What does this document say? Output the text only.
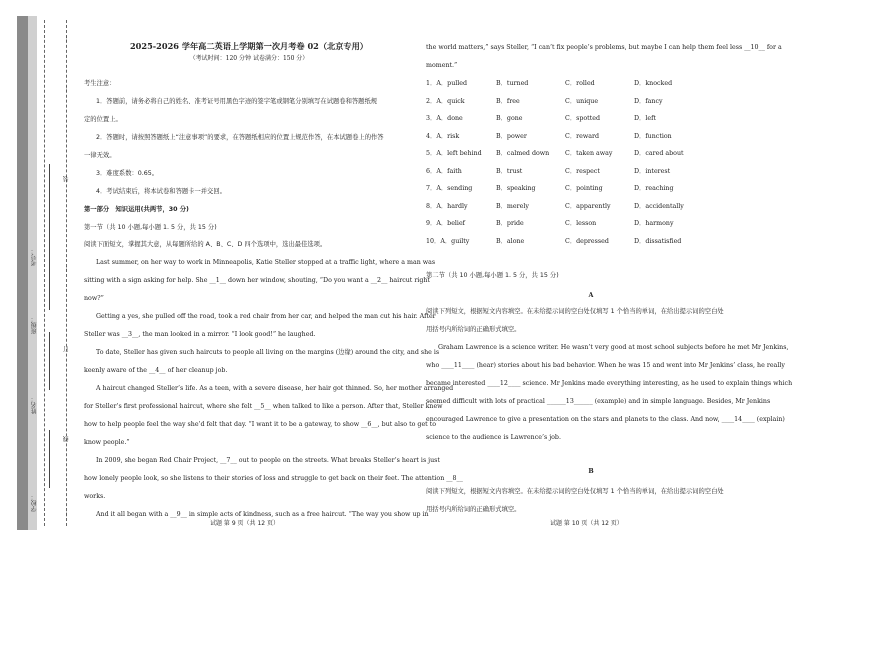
…
…
装
…
订
线
…
学校：
姓名：
班级：
考号：
2025-2026 学年高二英语上学期第一次月考卷 02（北京专用）
（考试时间：120 分钟 试卷满分：150 分）
考生注意：
1．答题前，请务必将自己的姓名、准考证号用黑色字迹的签字笔或钢笔分别填写在试题卷和答题纸规
定的位置上。
2．答题时，请按照答题纸上“注意事项”的要求，在答题纸相应的位置上规范作答，在本试题卷上的作答
一律无效。
3．难度系数：0.65。
4．考试结束后，将本试卷和答题卡一并交回。
第一部分　知识运用(共两节，30 分)
第一节（共 10 小题,每小题 1. 5 分，共 15 分)
阅读下面短文，掌握其大意，从每题所给的 A、B、C、D 四个选项中，选出最佳选项。
Last summer, on her way to work in Minneapolis, Katie Steller stopped at a traffic light, where a man was
sitting with a sign asking for help. She __1__ down her window, shouting, “Do you want a __2__ haircut right
now?”
Getting a yes, she pulled off the road, took a red chair from her car, and helped the man cut his hair. After
Steller was __3__, the man looked in a mirror. “I look good!” he laughed.
To date, Steller has given such haircuts to people all living on the margins (边缘) around the city, and she is
keenly aware of the __4__ of her cleanup job.
A haircut changed Steller’s life. As a teen, with a severe disease, her hair got thinned. So, her mother arranged
for Steller’s first professional haircut, where she felt __5__ when talked to like a person. After that, Steller knew
how to help people feel the way she’d felt that day. “I want it to be a gateway, to show __6__, but also to get to
know people.”
In 2009, she began Red Chair Project, __7__ out to people on the streets. What breaks Steller’s heart is just
how lonely people look, so she listens to their stories of loss and struggle to get back on their feet. The attention __8__
works.
And it all began with a __9__ in simple acts of kindness, such as a free haircut. “The way you show up in
试题 第 9 页（共 12 页）
the world matters,” says Steller, “I can’t fix people’s problems, but maybe I can help them feel less __10__ for a
moment.”
1．A．pulled	B．turned	C．rolled	D．knocked
2．A．quick	B．free	C．unique	D．fancy
3．A．done	B．gone	C．spotted	D．left
4．A．risk	B．power	C．reward	D．function
5．A．left behind B．calmed down	C．taken away	D．cared about
6．A．faith	B．trust	C．respect	D．interest
7．A．sending	B．speaking	C．pointing	D．reaching
8．A．hardly	B．merely	C．apparently	D．accidentally
9．A．belief	B．pride	C．lesson	D．harmony
10．A．guilty	B．alone	C．depressed	D．dissatisfied
第二节（共 10 小题,每小题 1. 5 分，共 15 分)
A
阅读下列短文，根据短文内容填空。在未给提示词的空白处仅填写 1 个恰当的单词，在给出提示词的空白处
用括号内所给词的正确形式填空。
Graham Lawrence is a science writer. He wasn’t very good at most school subjects before he met Mr Jenkins,
who ____11____ (hear) stories about his bad behavior. When he was 15 and went into Mr Jenkins’ class, he really
became interested ____12____ science. Mr Jenkins made everything interesting, as he used to explain things which
seemed difficult with lots of practical ______13______ (example) and in simple language. Besides, Mr Jenkins
encouraged Lawrence to give a presentation on the stars and planets to the class. And now, ____14____ (explain)
science to the audience is Lawrence’s job.
B
阅读下列短文，根据短文内容填空。在未给提示词的空白处仅填写 1 个恰当的单词，在给出提示词的空白处
用括号内所给词的正确形式填空。
试题 第 10 页（共 12 页）
